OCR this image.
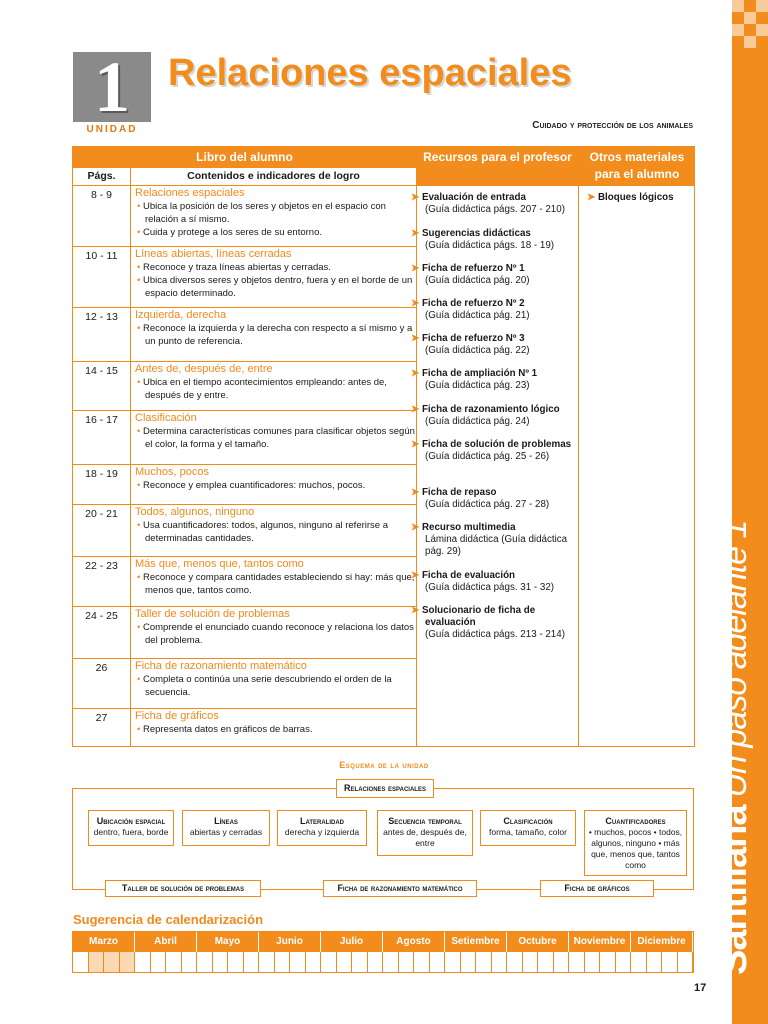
SantillanaUn paso adelante 1
1
UNIDAD
Relaciones espaciales
Cuidado y protección de los animales
Libro del alumno	Recursos para el profesor	Otros materiales para el alumno
Págs.	Contenidos e indicadores de logro
8 - 9	Relaciones espaciales
• Ubica la posición de los seres y objetos en el espacio con relación a sí mismo.
• Cuida y protege a los seres de su entorno.
10 - 11	Líneas abiertas, líneas cerradas
• Reconoce y traza líneas abiertas y cerradas.
• Ubica diversos seres y objetos dentro, fuera y en el borde de un espacio determinado.
12 - 13	Izquierda, derecha
• Reconoce la izquierda y la derecha con respecto a sí mismo y a un punto de referencia.
14 - 15	Antes de, después de, entre
• Ubica en el tiempo acontecimientos empleando: antes de, después de y entre.
16 - 17	Clasificación
• Determina características comunes para clasificar objetos según el color, la forma y el tamaño.
18 - 19	Muchos, pocos
• Reconoce y emplea cuantificadores: muchos, pocos.
20 - 21	Todos, algunos, ninguno
• Usa cuantificadores: todos, algunos, ninguno al referirse a determinadas cantidades.
22 - 23	Más que, menos que, tantos como
• Reconoce y compara cantidades estableciendo si hay: más que, menos que, tantos como.
24 - 25	Taller de solución de problemas
• Comprende el enunciado cuando reconoce y relaciona los datos del problema.
26	Ficha de razonamiento matemático
• Completa o continúa una serie descubriendo el orden de la secuencia.
27	Ficha de gráficos
• Representa datos en gráficos de barras.
➤ Evaluación de entrada
(Guía didáctica págs. 207 - 210)
➤ Sugerencias didácticas
(Guía didáctica págs. 18 - 19)
➤ Ficha de refuerzo Nº 1
(Guía didáctica pág. 20)
➤ Ficha de refuerzo Nº 2
(Guía didáctica pág. 21)
➤ Ficha de refuerzo Nº 3
(Guía didáctica pág. 22)
➤ Ficha de ampliación Nº 1
(Guía didáctica pág. 23)
➤ Ficha de razonamiento lógico
(Guía didáctica pág. 24)
➤ Ficha de solución de problemas
(Guía didáctica pág. 25 - 26)
➤ Ficha de repaso
(Guía didáctica pág. 27 - 28)
➤ Recurso multimedia
Lámina didáctica (Guía didáctica pág. 29)
➤ Ficha de evaluación
(Guía didáctica págs. 31 - 32)
➤ Solucionario de ficha de evaluación
(Guía didáctica págs. 213 - 214)
➤ Bloques lógicos
Esquema de la unidad
Relaciones espaciales
Ubicación espacial
dentro, fuera, borde
Líneas
abiertas y cerradas
Lateralidad
derecha y izquierda
Secuencia temporal
antes de, después de, entre
Clasificación
forma, tamaño, color
Cuantificadores
• muchos, pocos • todos, algunos, ninguno • más que, menos que, tantos como
Taller de solución de problemas	Ficha de razonamiento matemático	Ficha de gráficos
Sugerencia de calendarización
Marzo	Abril	Mayo	Junio	Julio	Agosto	Setiembre	Octubre	Noviembre	Diciembre
17
